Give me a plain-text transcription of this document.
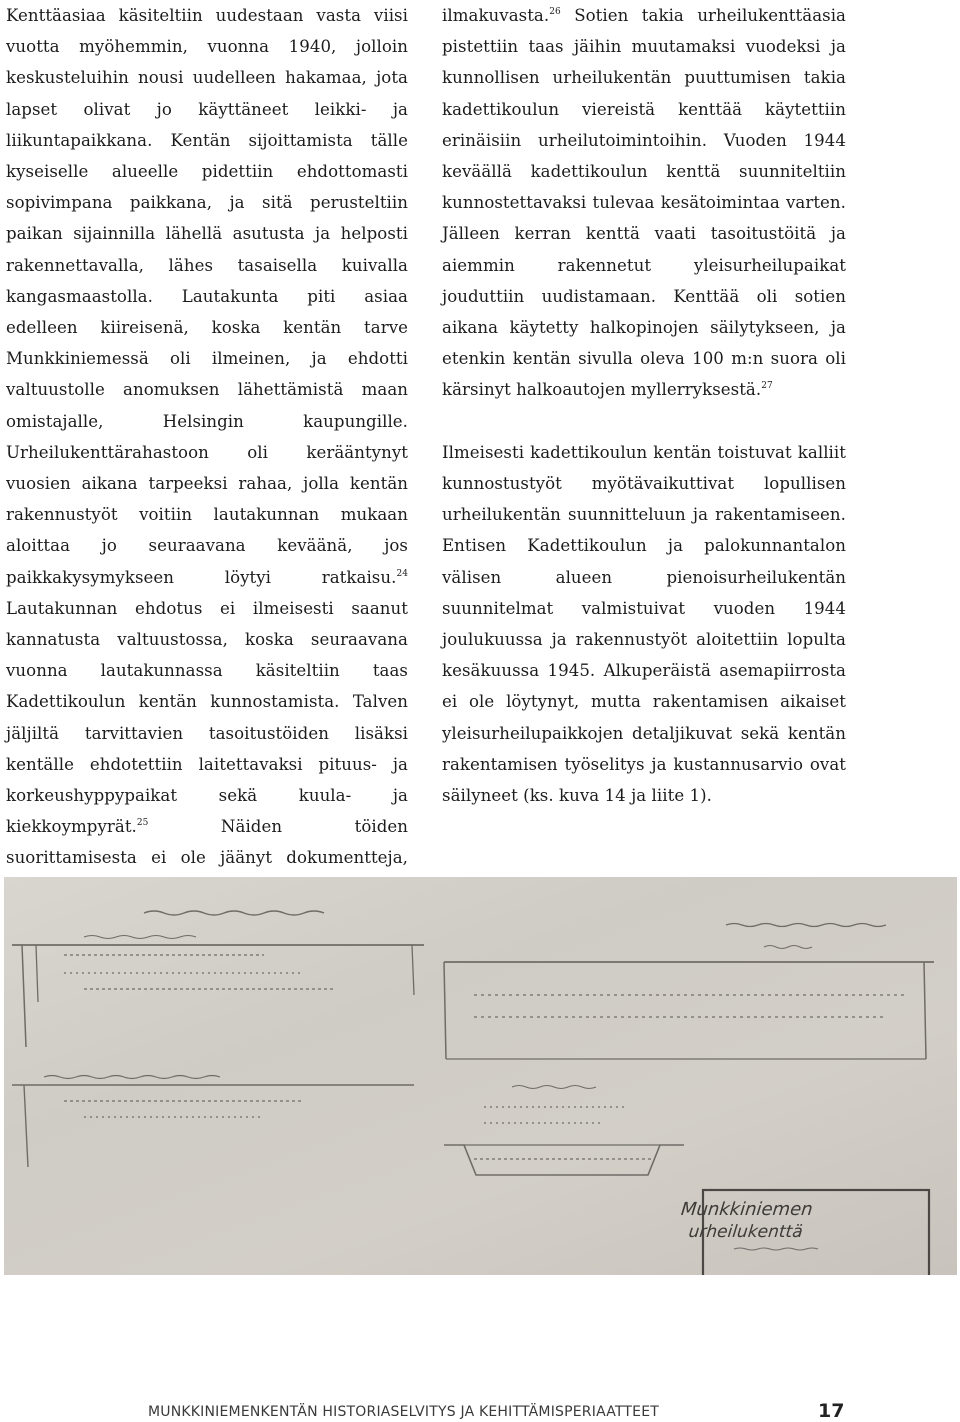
Kenttäasiaa käsiteltiin uudestaan vasta viisi vuotta myöhemmin, vuonna 1940, jolloin keskusteluihin nousi uudelleen hakamaa, jota lapset olivat jo käyttäneet leikki- ja liikuntapaikkana. Kentän sijoittamista tälle kyseiselle alueelle pidettiin ehdottomasti sopivimpana paikkana, ja sitä perusteltiin paikan sijainnilla lähellä asutusta ja helposti rakennettavalla, lähes tasaisella kuivalla kangasmaastolla. Lautakunta piti asiaa edelleen kiireisenä, koska kentän tarve Munkkiniemessä oli ilmeinen, ja ehdotti valtuustolle anomuksen lähettämistä maan omistajalle, Helsingin kaupungille. Urheilukenttärahastoon oli kerääntynyt vuosien aikana tarpeeksi rahaa, jolla kentän rakennustyöt voitiin lautakunnan mukaan aloittaa jo seuraavana keväänä, jos paikkakysymykseen löytyi ratkaisu.$^{24}$ Lautakunnan ehdotus ei ilmeisesti saanut kannatusta valtuustossa, koska seuraavana vuonna lautakunnassa käsiteltiin taas Kadettikoulun kentän kunnostamista. Talven jäljiltä tarvittavien tasoitustöiden lisäksi kentälle ehdotettiin laitettavaksi pituus- ja korkeushyppypaikat sekä kuula- ja kiekkoympyrät.$^{25}$	Näiden töiden suorittamisesta ei ole jäänyt dokumentteja,

ilmakuvasta.$^{26}$ Sotien takia urheilukenttäasia pistettiin taas jäihin muutamaksi vuodeksi ja kunnollisen urheilukentän puuttumisen takia kadettikoulun viereistä kenttää käytettiin erinäisiin urheilutoimintoihin. Vuoden 1944 keväällä kadettikoulun kenttä suunniteltiin kunnostettavaksi tulevaa kesätoimintaa varten. Jälleen kerran kenttä vaati tasoitustöitä ja aiemmin rakennetut yleisurheilupaikat jouduttiin uudistamaan. Kenttää oli sotien aikana käytetty halkopinojen säilytykseen, ja etenkin kentän sivulla oleva 100 m:n suora oli kärsinyt halkoautojen myllerryksestä.$^{27}$

Ilmeisesti kadettikoulun kentän toistuvat kalliit kunnostustyöt myötävaikuttivat lopullisen urheilukentän suunnitteluun ja rakentamiseen. Entisen Kadettikoulun ja palokunnantalon välisen alueen pienoisurheilukentän suunnitelmat valmistuivat vuoden 1944 joulukuussa ja rakennustyöt aloitettiin lopulta kesäkuussa 1945. Alkuperäistä asemapiirrosta ei ole löytynyt, mutta rakentamisen aikaiset yleisurheilupaikkojen detaljikuvat sekä kentän rakentamisen työselitys ja kustannusarvio ovat säilyneet (ks. kuva 14 ja liite 1).

Munkkiniemen
urheilukenttä
MUNKKINIEMENKENTÄN HISTORIASELVITYS JA KEHITTÄMISPERIAATTEET	17
